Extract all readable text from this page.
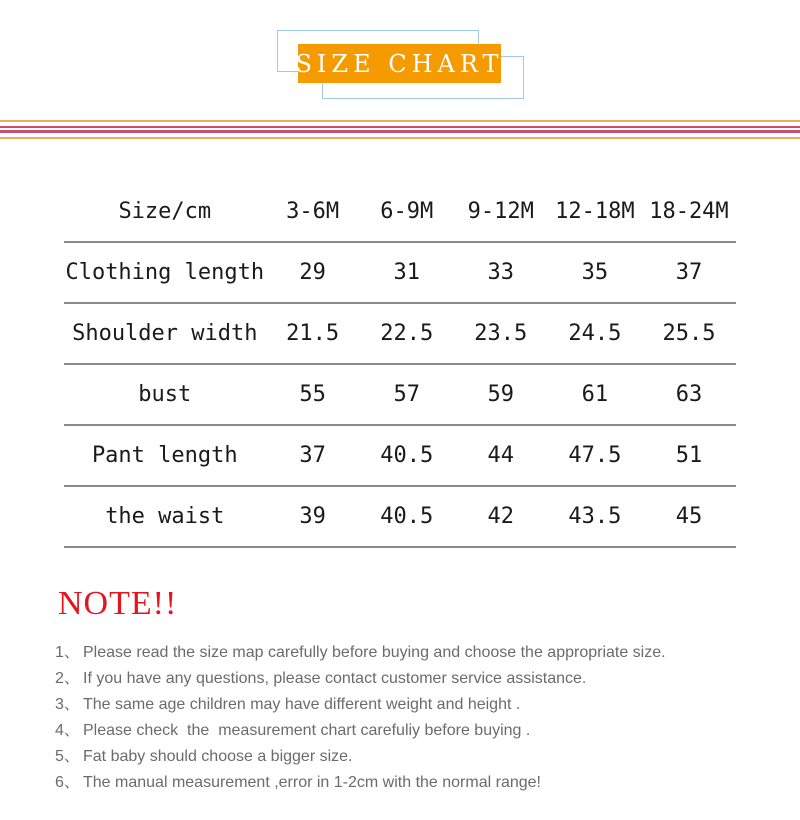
SIZE CHART
Size/cm	3-6M	6-9M	9-12M	12-18M	18-24M
Clothing length	29	31	33	35	37
Shoulder width	21.5	22.5	23.5	24.5	25.5
bust	55	57	59	61	63
Pant length	37	40.5	44	47.5	51
the waist	39	40.5	42	43.5	45
NOTE!!
1、 Please read the size map carefully before buying and choose the appropriate size.
2、 If you have any questions, please contact customer service assistance.
3、 The same age children may have different weight and height .
4、 Please check  the  measurement chart carefuliy before buying .
5、 Fat baby should choose a bigger size.
6、 The manual measurement ,error in 1-2cm with the normal range!
